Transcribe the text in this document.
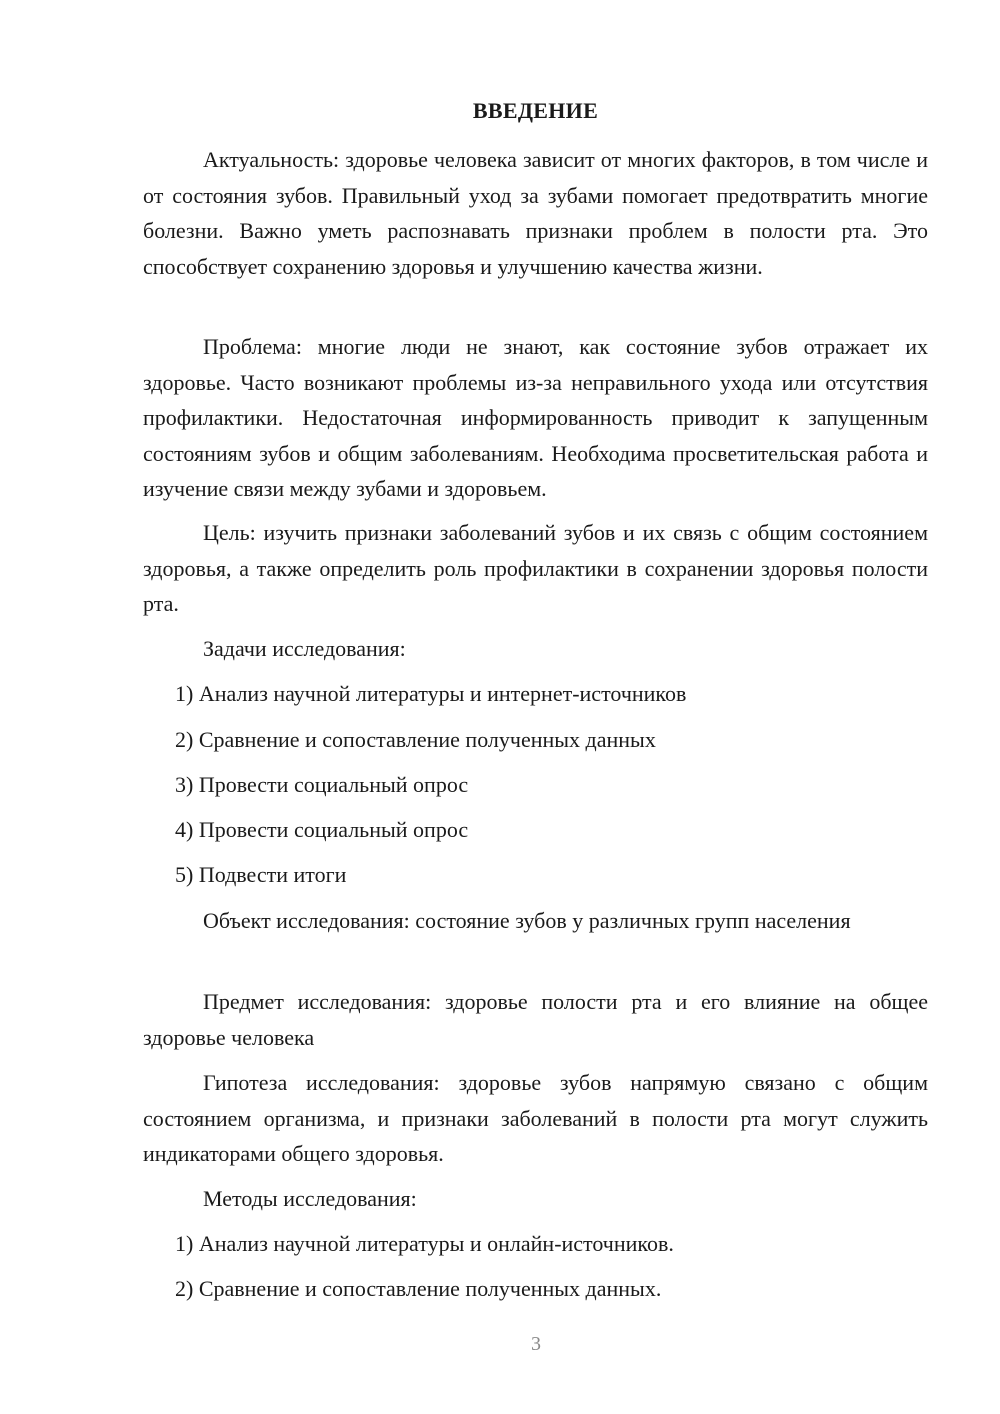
ВВЕДЕНИЕ

Актуальность: здоровье человека зависит от многих факторов, в том числе и от состояния зубов. Правильный уход за зубами помогает предотвратить многие болезни. Важно уметь распознавать признаки проблем в полости рта. Это способствует сохранению здоровья и улучшению качества жизни.

Проблема: многие люди не знают, как состояние зубов отражает их здоровье. Часто возникают проблемы из-за неправильного ухода или отсутствия профилактики. Недостаточная информированность приводит к запущенным состояниям зубов и общим заболеваниям. Необходима просветительская работа и изучение связи между зубами и здоровьем.

Цель: изучить признаки заболеваний зубов и их связь с общим состоянием здоровья, а также определить роль профилактики в сохранении здоровья полости рта.

Задачи исследования:

1) Анализ научной литературы и интернет-источников

2) Сравнение и сопоставление полученных данных

3) Провести социальный опрос

4) Провести социальный опрос

5) Подвести итоги

Объект исследования: состояние зубов у различных групп населения

Предмет исследования: здоровье полости рта и его влияние на общее здоровье человека

Гипотеза исследования: здоровье зубов напрямую связано с общим состоянием организма, и признаки заболеваний в полости рта могут служить индикаторами общего здоровья.

Методы исследования:

1) Анализ научной литературы и онлайн-источников.

2) Сравнение и сопоставление полученных данных.

3
